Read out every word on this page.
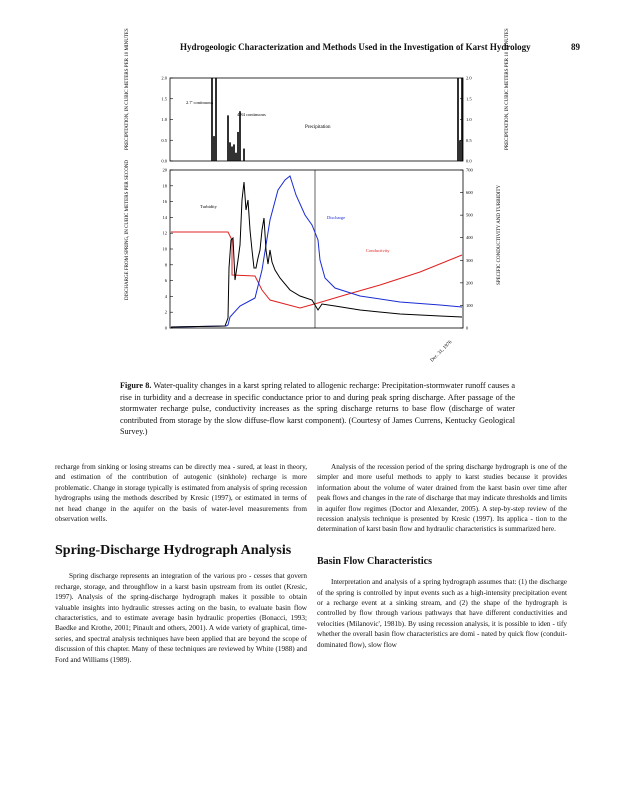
Hydrogeologic Characterization and Methods Used in the Investigation of Karst Hydrology	89
0.0
0.5
1.0
1.5
2.0
0.0
0.5
1.0
1.5
2.0
2.7' continuous
4.84 continuous
Precipitation
PRECIPITATION, IN CUBIC METERS PER 10 MINUTES	PRECIPITATION, IN CUBIC METERS PER 10 MINUTES
0
2
4
6
8
10
12
14
16
18
20
0
100
200
300
400
500
600
700
DISCHARGE FROM SPRING, IN CUBIC METERS PER SECOND	SPECIFIC CONDUCTIVITY AND TURBIDITY
Turbidity
Discharge
Conductivity
Dec. 31, 1976
Figure 8. Water-quality changes in a karst spring related to allogenic recharge: Precipitation-stormwater runoff causes a rise in turbidity and a decrease in specific conductance prior to and during peak spring discharge. After passage of the stormwater recharge pulse, conductivity increases as the spring discharge returns to base flow (discharge of water contributed from storage by the slow diffuse-flow karst component). (Courtesy of James Currens, Kentucky Geological Survey.)

recharge from sinking or losing streams can be directly mea - sured, at least in theory, and estimation of the contribution of autogenic (sinkhole) recharge is more problematic. Change in storage typically is estimated from analysis of spring recession hydrographs using the methods described by Kresic (1997), or estimated in terms of net head change in the aquifer on the basis of water-level measurements from observation wells.

Spring-Discharge Hydrograph Analysis

Spring discharge represents an integration of the various pro - cesses that govern recharge, storage, and throughflow in a karst basin upstream from its outlet (Kresic, 1997). Analysis of the spring-discharge hydrograph makes it possible to obtain valuable insights into hydraulic stresses acting on the basin, to evaluate basin flow characteristics, and to estimate average basin hydraulic properties (Bonacci, 1993; Baedke and Krothe, 2001; Pinault and others, 2001). A wide variety of graphical, time-series, and spectral analysis techniques have been applied that are beyond the scope of discussion of this chapter. Many of these techniques are reviewed by White (1988) and Ford and Williams (1989).

Analysis of the recession period of the spring discharge hydrograph is one of the simpler and more useful methods to apply to karst studies because it provides information about the volume of water drained from the karst basin over time after peak flows and changes in the rate of discharge that may indicate thresholds and limits in aquifer flow regimes (Doctor and Alexander, 2005). A step-by-step review of the recession analysis technique is presented by Kresic (1997). Its applica - tion to the determination of karst basin flow and hydraulic characteristics is summarized here.

Basin Flow Characteristics

Interpretation and analysis of a spring hydrograph assumes that: (1) the discharge of the spring is controlled by input events such as a high-intensity precipitation event or a recharge event at a sinking stream, and (2) the shape of the hydrograph is controlled by flow through various pathways that have different conductivities and velocities (Milanovic', 1981b). By using recession analysis, it is possible to iden - tify whether the overall basin flow characteristics are domi - nated by quick flow (conduit-dominated flow), slow flow
